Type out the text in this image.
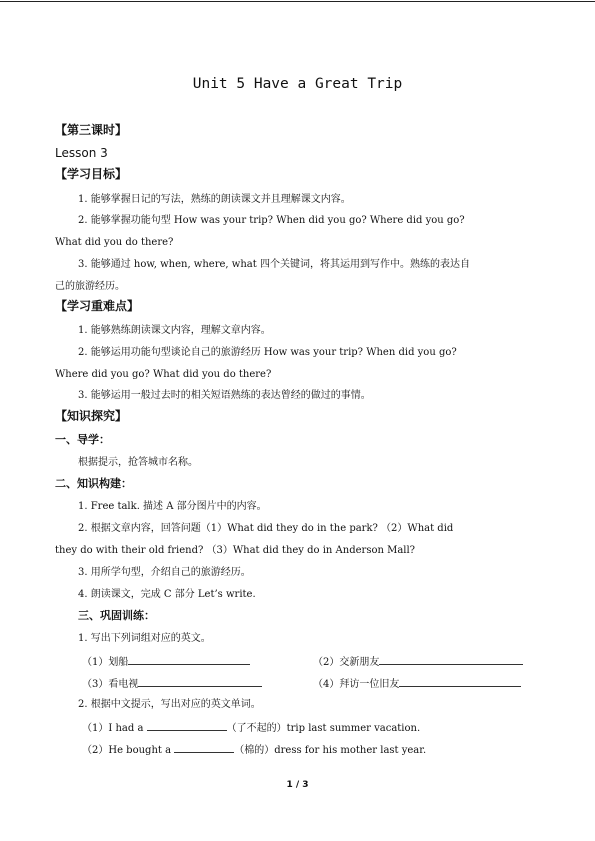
Unit 5 Have a Great Trip
【第三课时】
Lesson 3
【学习目标】
1. 能够掌握日记的写法，熟练的朗读课文并且理解课文内容。
2. 能够掌握功能句型 How was your trip? When did you go? Where did you go?
What did you do there?
3. 能够通过 how, when, where, what 四个关键词，将其运用到写作中。熟练的表达自
己的旅游经历。
【学习重难点】
1. 能够熟练朗读课文内容，理解文章内容。
2. 能够运用功能句型谈论自己的旅游经历 How was your trip? When did you go?
Where did you go? What did you do there?
3. 能够运用一般过去时的相关短语熟练的表达曾经的做过的事情。
【知识探究】
一、导学：
根据提示，抢答城市名称。
二、知识构建：
1. Free talk. 描述 A 部分图片中的内容。
2. 根据文章内容，回答问题（1）What did they do in the park? （2）What did
they do with their old friend? （3）What did they do in Anderson Mall?
3. 用所学句型，介绍自己的旅游经历。
4. 朗读课文，完成 C 部分 Let’s write.
三、巩固训练：
1. 写出下列词组对应的英文。
（1）划船	（2）交新朋友
（3）看电视	（4）拜访一位旧友
2. 根据中文提示，写出对应的英文单词。
（1）I had a	（了不起的）trip last summer vacation.
（2）He bought a	（棉的）dress for his mother last year.
1 / 3
